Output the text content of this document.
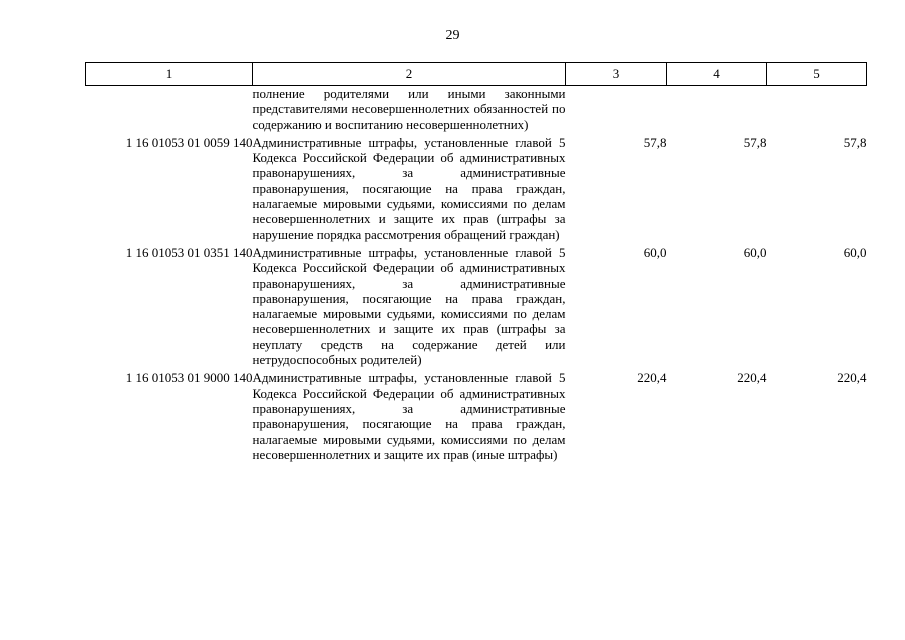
29
1	2	3	4	5
	полнение родителями или иными законными представителями несовершеннолетних обязанностей по содержанию и воспитанию несовершеннолетних)			
1 16 01053 01 0059 140	Административные штрафы, установленные главой 5 Кодекса Российской Федерации об административных правонарушениях, за административные правонарушения, посягающие на права граждан, налагаемые мировыми судьями, комиссиями по делам несовершеннолетних и защите их прав (штрафы за нарушение порядка рассмотрения обращений граждан)	57,8	57,8	57,8
1 16 01053 01 0351 140	Административные штрафы, установленные главой 5 Кодекса Российской Федерации об административных правонарушениях, за административные правонарушения, посягающие на права граждан, налагаемые мировыми судьями, комиссиями по делам несовершеннолетних и защите их прав (штрафы за неуплату средств на содержание детей или нетрудоспособных родителей)	60,0	60,0	60,0
1 16 01053 01 9000 140	Административные штрафы, установленные главой 5 Кодекса Российской Федерации об административных правонарушениях, за административные правонарушения, посягающие на права граждан, налагаемые мировыми судьями, комиссиями по делам несовершеннолетних и защите их прав (иные штрафы)	220,4	220,4	220,4
